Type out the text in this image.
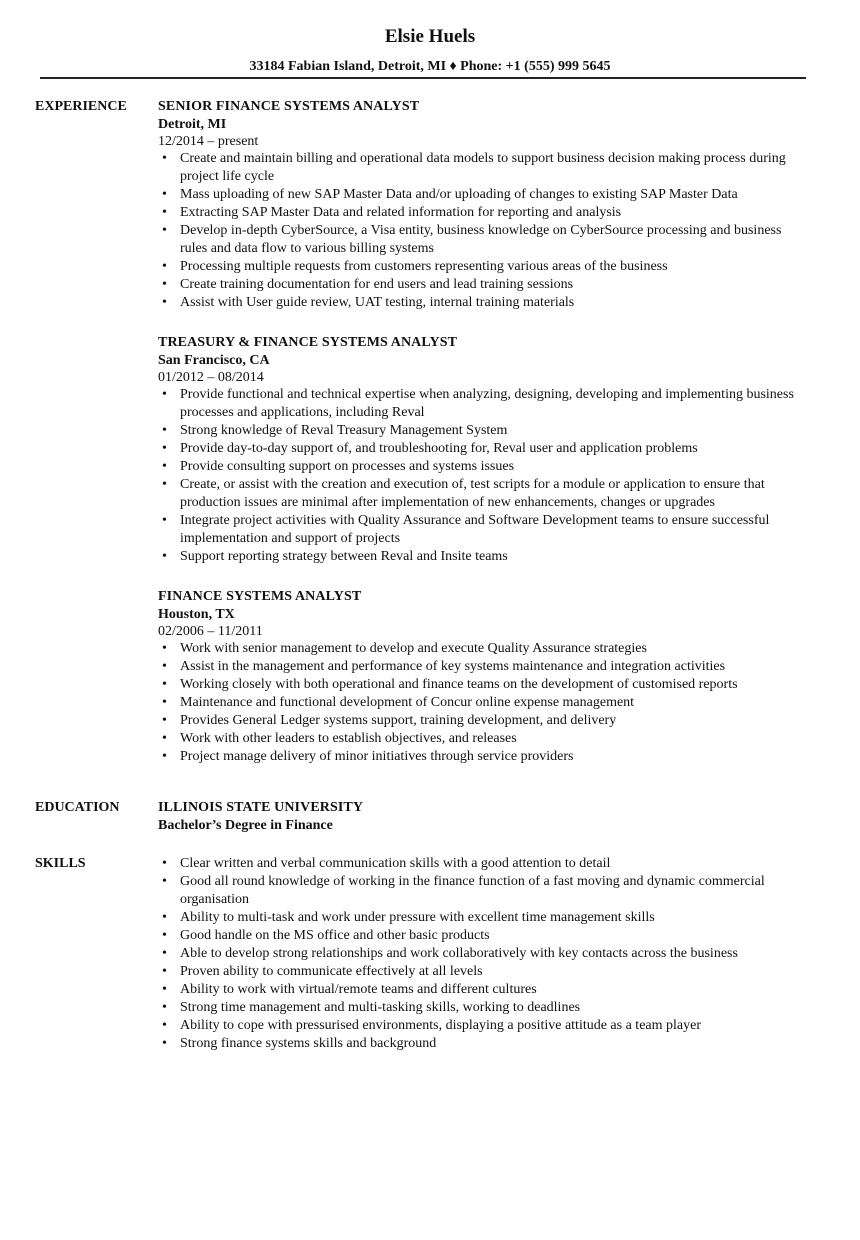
Elsie Huels
33184 Fabian Island, Detroit, MI ♦ Phone: +1 (555) 999 5645
EXPERIENCE SENIOR FINANCE SYSTEMS ANALYST
Detroit, MI
12/2014 – present
• Create and maintain billing and operational data models to support business decision making process during project life cycle
• Mass uploading of new SAP Master Data and/or uploading of changes to existing SAP Master Data
• Extracting SAP Master Data and related information for reporting and analysis
• Develop in-depth CyberSource, a Visa entity, business knowledge on CyberSource processing and business rules and data flow to various billing systems
• Processing multiple requests from customers representing various areas of the business
• Create training documentation for end users and lead training sessions
• Assist with User guide review, UAT testing, internal training materials
TREASURY & FINANCE SYSTEMS ANALYST
San Francisco, CA
01/2012 – 08/2014
• Provide functional and technical expertise when analyzing, designing, developing and implementing business processes and applications, including Reval
• Strong knowledge of Reval Treasury Management System
• Provide day-to-day support of, and troubleshooting for, Reval user and application problems
• Provide consulting support on processes and systems issues
• Create, or assist with the creation and execution of, test scripts for a module or application to ensure that production issues are minimal after implementation of new enhancements, changes or upgrades
• Integrate project activities with Quality Assurance and Software Development teams to ensure successful implementation and support of projects
• Support reporting strategy between Reval and Insite teams
FINANCE SYSTEMS ANALYST
Houston, TX
02/2006 – 11/2011
• Work with senior management to develop and execute Quality Assurance strategies
• Assist in the management and performance of key systems maintenance and integration activities
• Working closely with both operational and finance teams on the development of customised reports
• Maintenance and functional development of Concur online expense management
• Provides General Ledger systems support, training development, and delivery
• Work with other leaders to establish objectives, and releases
• Project manage delivery of minor initiatives through service providers
EDUCATION	ILLINOIS STATE UNIVERSITY
Bachelor’s Degree in Finance
SKILLS	• Clear written and verbal communication skills with a good attention to detail
• Good all round knowledge of working in the finance function of a fast moving and dynamic commercial organisation
• Ability to multi-task and work under pressure with excellent time management skills
• Good handle on the MS office and other basic products
• Able to develop strong relationships and work collaboratively with key contacts across the business
• Proven ability to communicate effectively at all levels
• Ability to work with virtual/remote teams and different cultures
• Strong time management and multi-tasking skills, working to deadlines
• Ability to cope with pressurised environments, displaying a positive attitude as a team player
• Strong finance systems skills and background
